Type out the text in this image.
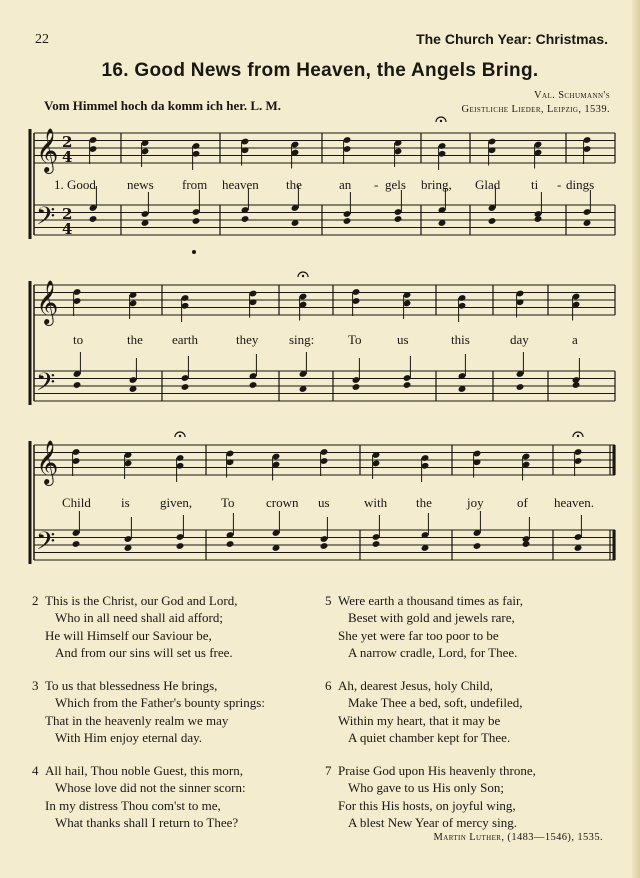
22	The Church Year: Christmas.
16. Good News from Heaven, the Angels Bring.
Vom Himmel hoch da komm ich her. L. M.
Val. Schumann's
Geistliche Lieder, Leipzig, 1539.
𝄞
𝄢
2
4
2
4
𝄞
𝄢
𝄞
𝄢
1. Good news from heaven the	an - gels bring, Glad ti - dings
to	the earth	they sing:	To	us	this	day	a
Child is given, To crown us	with the	joy	of heaven.
2 This is the Christ, our God and Lord,
Who in all need shall aid afford;
He will Himself our Saviour be,
And from our sins will set us free.
3 To us that blessedness He brings,
Which from the Father's bounty springs:
That in the heavenly realm we may
With Him enjoy eternal day.
4 All hail, Thou noble Guest, this morn,
Whose love did not the sinner scorn:
In my distress Thou com'st to me,
What thanks shall I return to Thee?
5 Were earth a thousand times as fair,
Beset with gold and jewels rare,
She yet were far too poor to be
A narrow cradle, Lord, for Thee.
6 Ah, dearest Jesus, holy Child,
Make Thee a bed, soft, undefiled,
Within my heart, that it may be
A quiet chamber kept for Thee.
7 Praise God upon His heavenly throne,
Who gave to us His only Son;
For this His hosts, on joyful wing,
A blest New Year of mercy sing.
Martin Luther, (1483—1546), 1535.
